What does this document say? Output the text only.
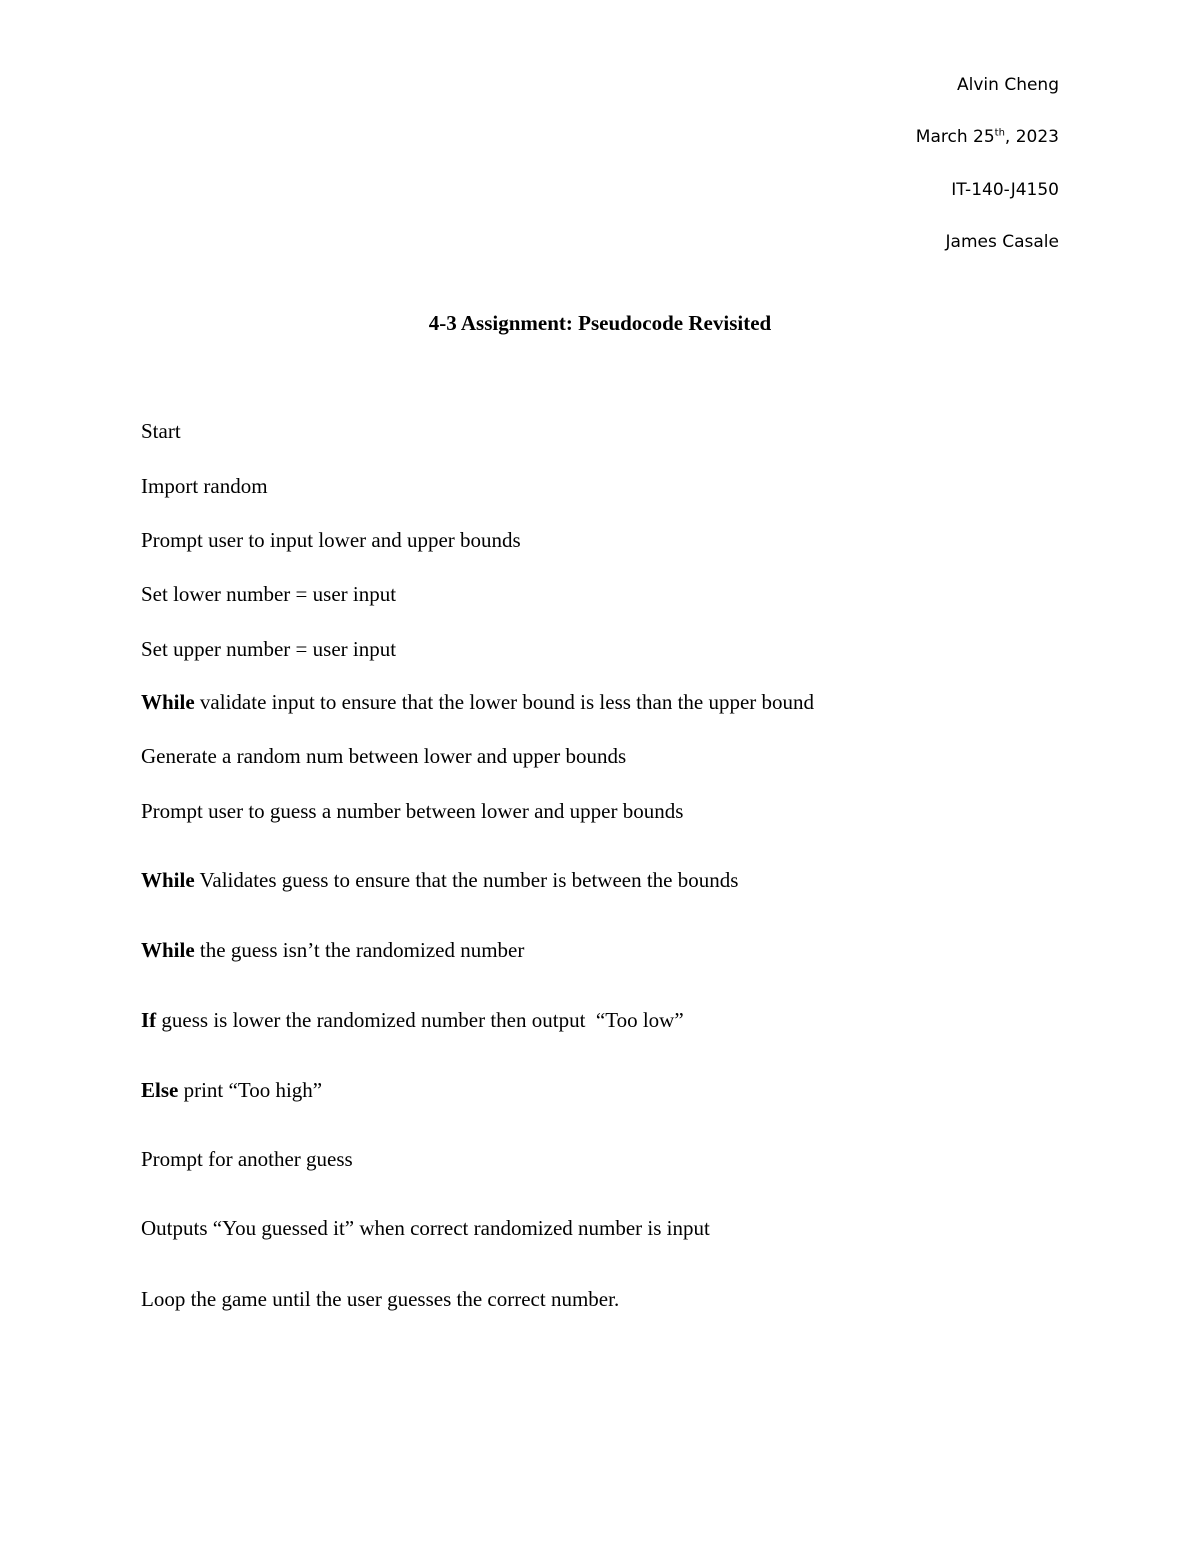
Alvin Cheng
March 25th, 2023
IT-140-J4150
James Casale
4-3 Assignment: Pseudocode Revisited
Start
Import random
Prompt user to input lower and upper bounds
Set lower number = user input
Set upper number = user input
While validate input to ensure that the lower bound is less than the upper bound
Generate a random num between lower and upper bounds
Prompt user to guess a number between lower and upper bounds
While Validates guess to ensure that the number is between the bounds
While the guess isn’t the randomized number
If guess is lower the randomized number then output  “Too low”
Else print “Too high”
Prompt for another guess
Outputs “You guessed it” when correct randomized number is input
Loop the game until the user guesses the correct number.
